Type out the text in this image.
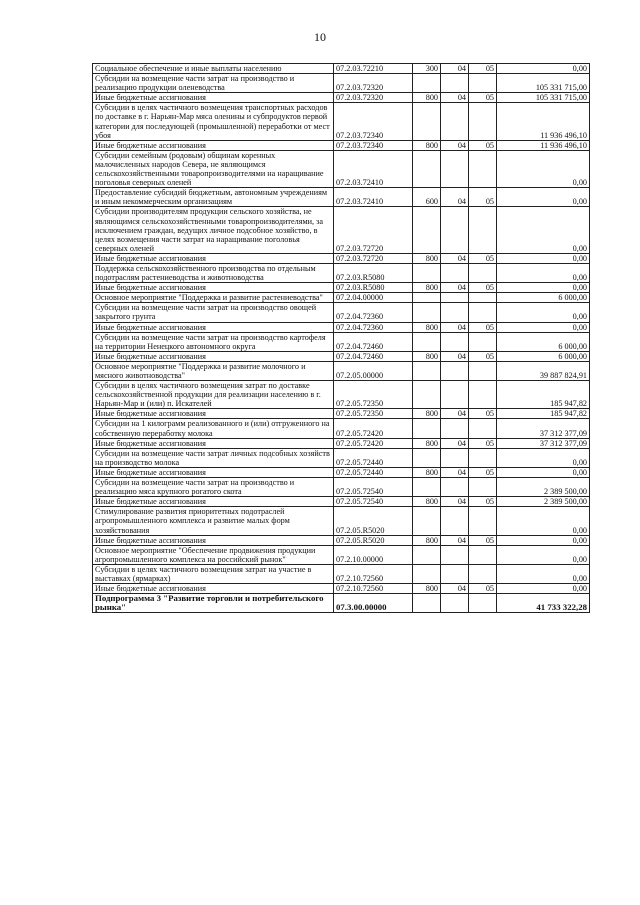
10
Социальное обеспечение и иные выплаты населению	07.2.03.72210	300	04	05	0,00
Субсидии на возмещение части затрат на производство и реализацию продукции оленеводства	07.2.03.72320				105 331 715,00
Иные бюджетные ассигнования	07.2.03.72320	800	04	05	105 331 715,00
Субсидии в целях частичного возмещения транспортных расходов по доставке в г. Нарьян-Мар мяса оленины и субпродуктов первой категории для последующей (промышленной) переработки от мест убоя	07.2.03.72340				11 936 496,10
Иные бюджетные ассигнования	07.2.03.72340	800	04	05	11 936 496,10
Субсидии семейным (родовым) общинам коренных малочисленных народов Севера, не являющимся сельскохозяйственными товаропроизводителями на наращивание поголовья северных оленей	07.2.03.72410				0,00
Предоставление субсидий бюджетным, автономным учреждениям и иным некоммерческим организациям	07.2.03.72410	600	04	05	0,00
Субсидии производителям продукции сельского хозяйства, не являющимся сельскохозяйственными товаропроизводителями, за исключением граждан, ведущих личное подсобное хозяйство, в целях возмещения части затрат на наращивание поголовья северных оленей	07.2.03.72720				0,00
Иные бюджетные ассигнования	07.2.03.72720	800	04	05	0,00
Поддержка сельскохозяйственного производства по отдельным подотраслям растениеводства и животноводства	07.2.03.R5080				0,00
Иные бюджетные ассигнования	07.2.03.R5080	800	04	05	0,00
Основное мероприятие "Поддержка и развитие растениеводства"	07.2.04.00000				6 000,00
Субсидии на возмещение части затрат на производство овощей закрытого грунта	07.2.04.72360				0,00
Иные бюджетные ассигнования	07.2.04.72360	800	04	05	0,00
Субсидии на возмещение части затрат на производство картофеля на территории Ненецкого автономного округа	07.2.04.72460				6 000,00
Иные бюджетные ассигнования	07.2.04.72460	800	04	05	6 000,00
Основное мероприятие "Поддержка и развитие молочного и мясного животноводства"	07.2.05.00000				39 887 824,91
Субсидии в целях частичного возмещения затрат по доставке сельскохозяйственной продукции для реализации населению в г. Нарьян-Мар и (или) п. Искателей	07.2.05.72350				185 947,82
Иные бюджетные ассигнования	07.2.05.72350	800	04	05	185 947,82
Субсидии на 1 килограмм реализованного и (или) отгруженного на собственную переработку молока	07.2.05.72420				37 312 377,09
Иные бюджетные ассигнования	07.2.05.72420	800	04	05	37 312 377,09
Субсидии на возмещение части затрат личных подсобных хозяйств на производство молока	07.2.05.72440				0,00
Иные бюджетные ассигнования	07.2.05.72440	800	04	05	0,00
Субсидии на возмещение части затрат на производство и реализацию мяса крупного рогатого скота	07.2.05.72540				2 389 500,00
Иные бюджетные ассигнования	07.2.05.72540	800	04	05	2 389 500,00
Стимулирование развития приоритетных подотраслей агропромышленного комплекса и развитие малых форм хозяйствования	07.2.05.R5020				0,00
Иные бюджетные ассигнования	07.2.05.R5020	800	04	05	0,00
Основное мероприятие "Обеспечение продвижения продукции агропромышленного комплекса на российский рынок"	07.2.10.00000				0,00
Субсидии в целях частичного возмещения затрат на участие в выставках (ярмарках)	07.2.10.72560				0,00
Иные бюджетные ассигнования	07.2.10.72560	800	04	05	0,00
Подпрограмма 3 "Развитие торговли и потребительского рынка"	07.3.00.00000				41 733 322,28
